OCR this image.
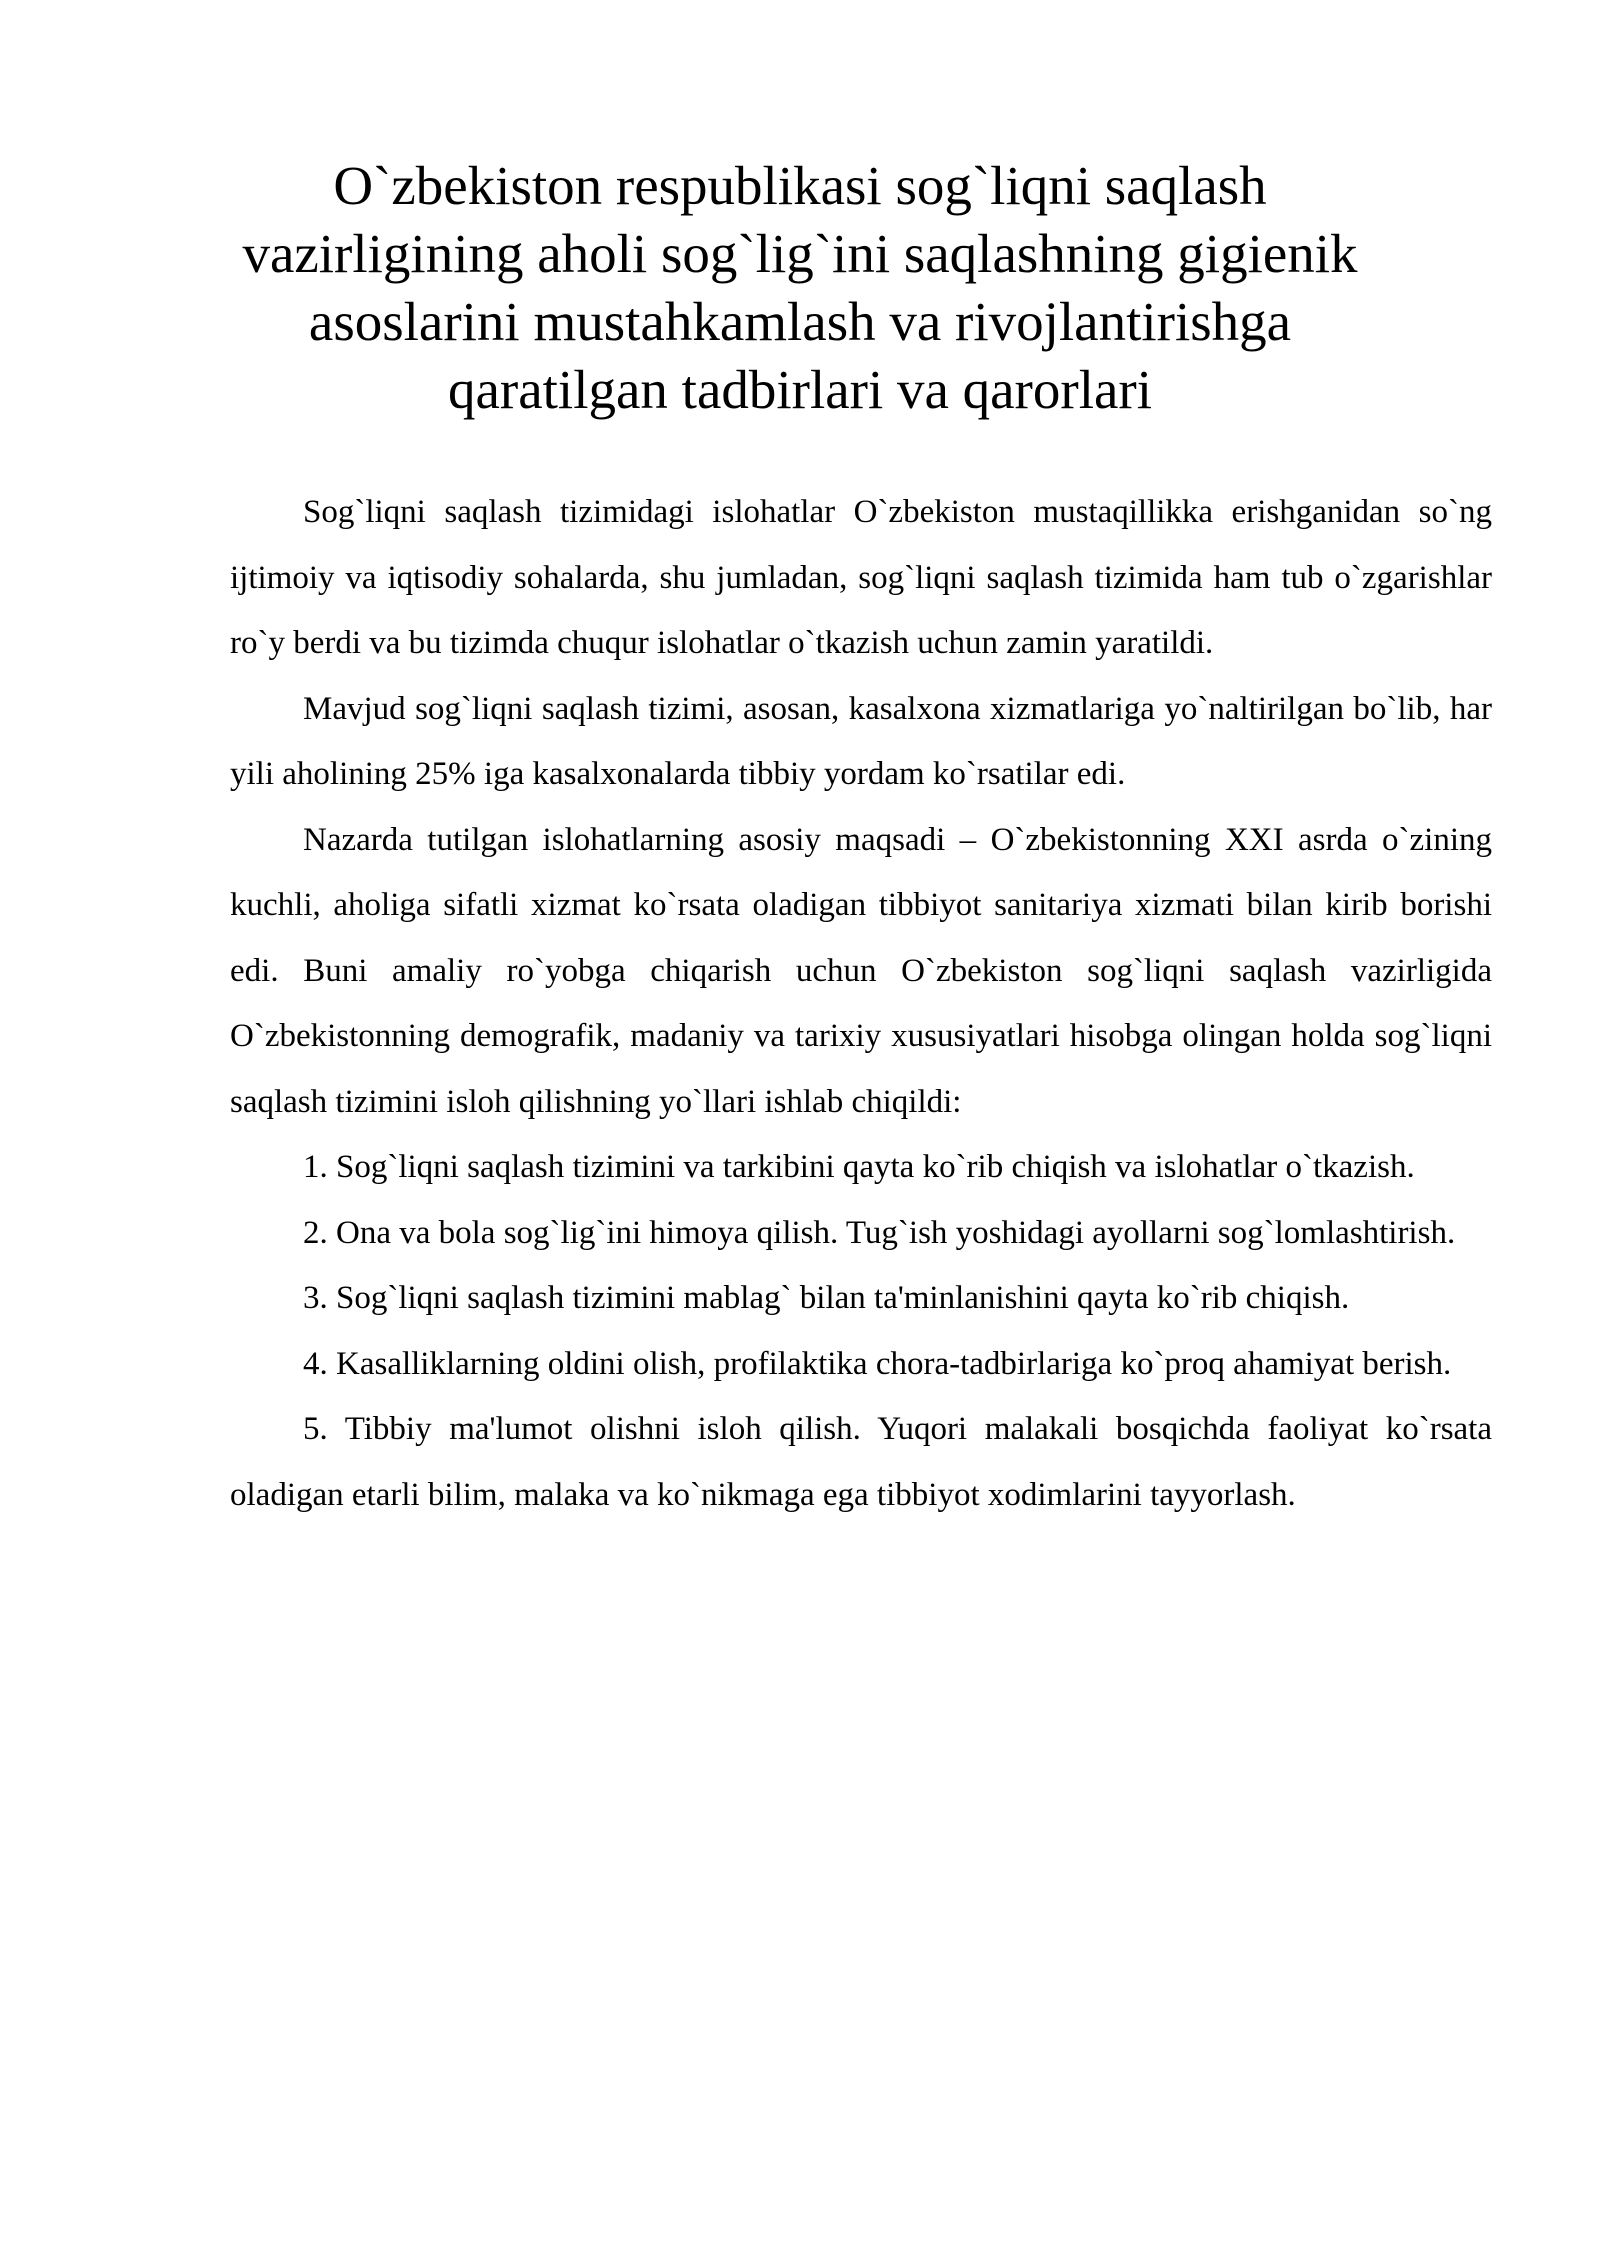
O`zbekiston respublikasi sog`liqni saqlash
vazirligining aholi sog`lig`ini saqlashning gigienik
asoslarini mustahkamlash va rivojlantirishga
qaratilgan tadbirlari va qarorlari

Sog`liqni saqlash tizimidagi islohatlar O`zbekiston mustaqillikka erishganidan so`ng ijtimoiy va iqtisodiy sohalarda, shu jumladan, sog`liqni saqlash tizimida ham tub o`zgarishlar ro`y berdi va bu tizimda chuqur islohatlar o`tkazish uchun zamin yaratildi.

Mavjud sog`liqni saqlash tizimi, asosan, kasalxona xizmatlariga yo`naltirilgan bo`lib, har yili aholining 25% iga kasalxonalarda tibbiy yordam ko`rsatilar edi.

Nazarda tutilgan islohatlarning asosiy maqsadi – O`zbekistonning XXI asrda o`zining kuchli, aholiga sifatli xizmat ko`rsata oladigan tibbiyot sanitariya xizmati bilan kirib borishi edi. Buni amaliy ro`yobga chiqarish uchun O`zbekiston sog`liqni saqlash vazirligida O`zbekistonning demografik, madaniy va tarixiy xususiyatlari hisobga olingan holda sog`liqni saqlash tizimini isloh qilishning yo`llari ishlab chiqildi:

1. Sog`liqni saqlash tizimini va tarkibini qayta ko`rib chiqish va islohatlar o`tkazish.

2. Ona va bola sog`lig`ini himoya qilish. Tug`ish yoshidagi ayollarni sog`lomlashtirish.

3. Sog`liqni saqlash tizimini mablag` bilan ta'minlanishini qayta ko`rib chiqish.

4. Kasalliklarning oldini olish, profilaktika chora-tadbirlariga ko`proq ahamiyat berish.

5. Tibbiy ma'lumot olishni isloh qilish. Yuqori malakali bosqichda faoliyat ko`rsata oladigan etarli bilim, malaka va ko`nikmaga ega tibbiyot xodimlarini tayyorlash.
